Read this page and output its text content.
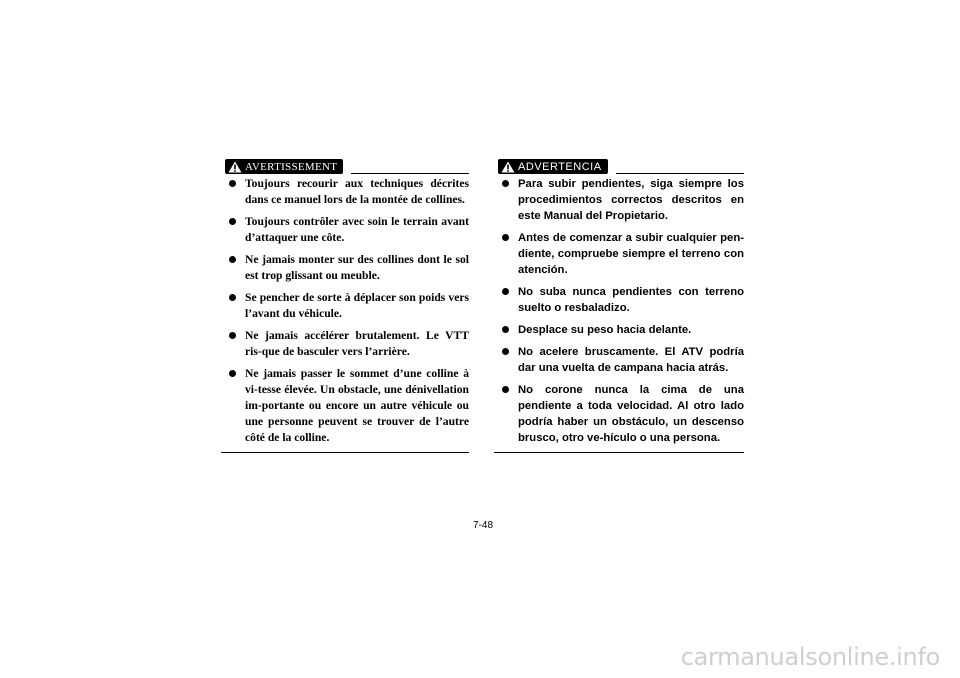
AVERTISSEMENT
Toujours recourir aux techniques décrites dans ce manuel lors de la montée de collines.
Toujours contrôler avec soin le terrain avant d’attaquer une côte.
Ne jamais monter sur des collines dont le sol est trop glissant ou meuble.
Se pencher de sorte à déplacer son poids vers l’avant du véhicule.
Ne jamais accélérer brutalement. Le VTT ris-que de basculer vers l’arrière.
Ne jamais passer le sommet d’une colline à vi-tesse élevée. Un obstacle, une dénivellation im-portante ou encore un autre véhicule ou une personne peuvent se trouver de l’autre côté de la colline.
ADVERTENCIA
Para subir pendientes, siga siempre los procedimientos correctos descritos en este Manual del Propietario.
Antes de comenzar a subir cualquier pen-diente, compruebe siempre el terreno con atención.
No suba nunca pendientes con terreno suelto o resbaladizo.
Desplace su peso hacia delante.
No acelere bruscamente. El ATV podría dar una vuelta de campana hacia atrás.
No corone nunca la cima de una pendiente a toda velocidad. Al otro lado podría haber un obstáculo, un descenso brusco, otro ve-hículo o una persona.
7-48
carmanualsonline.info
